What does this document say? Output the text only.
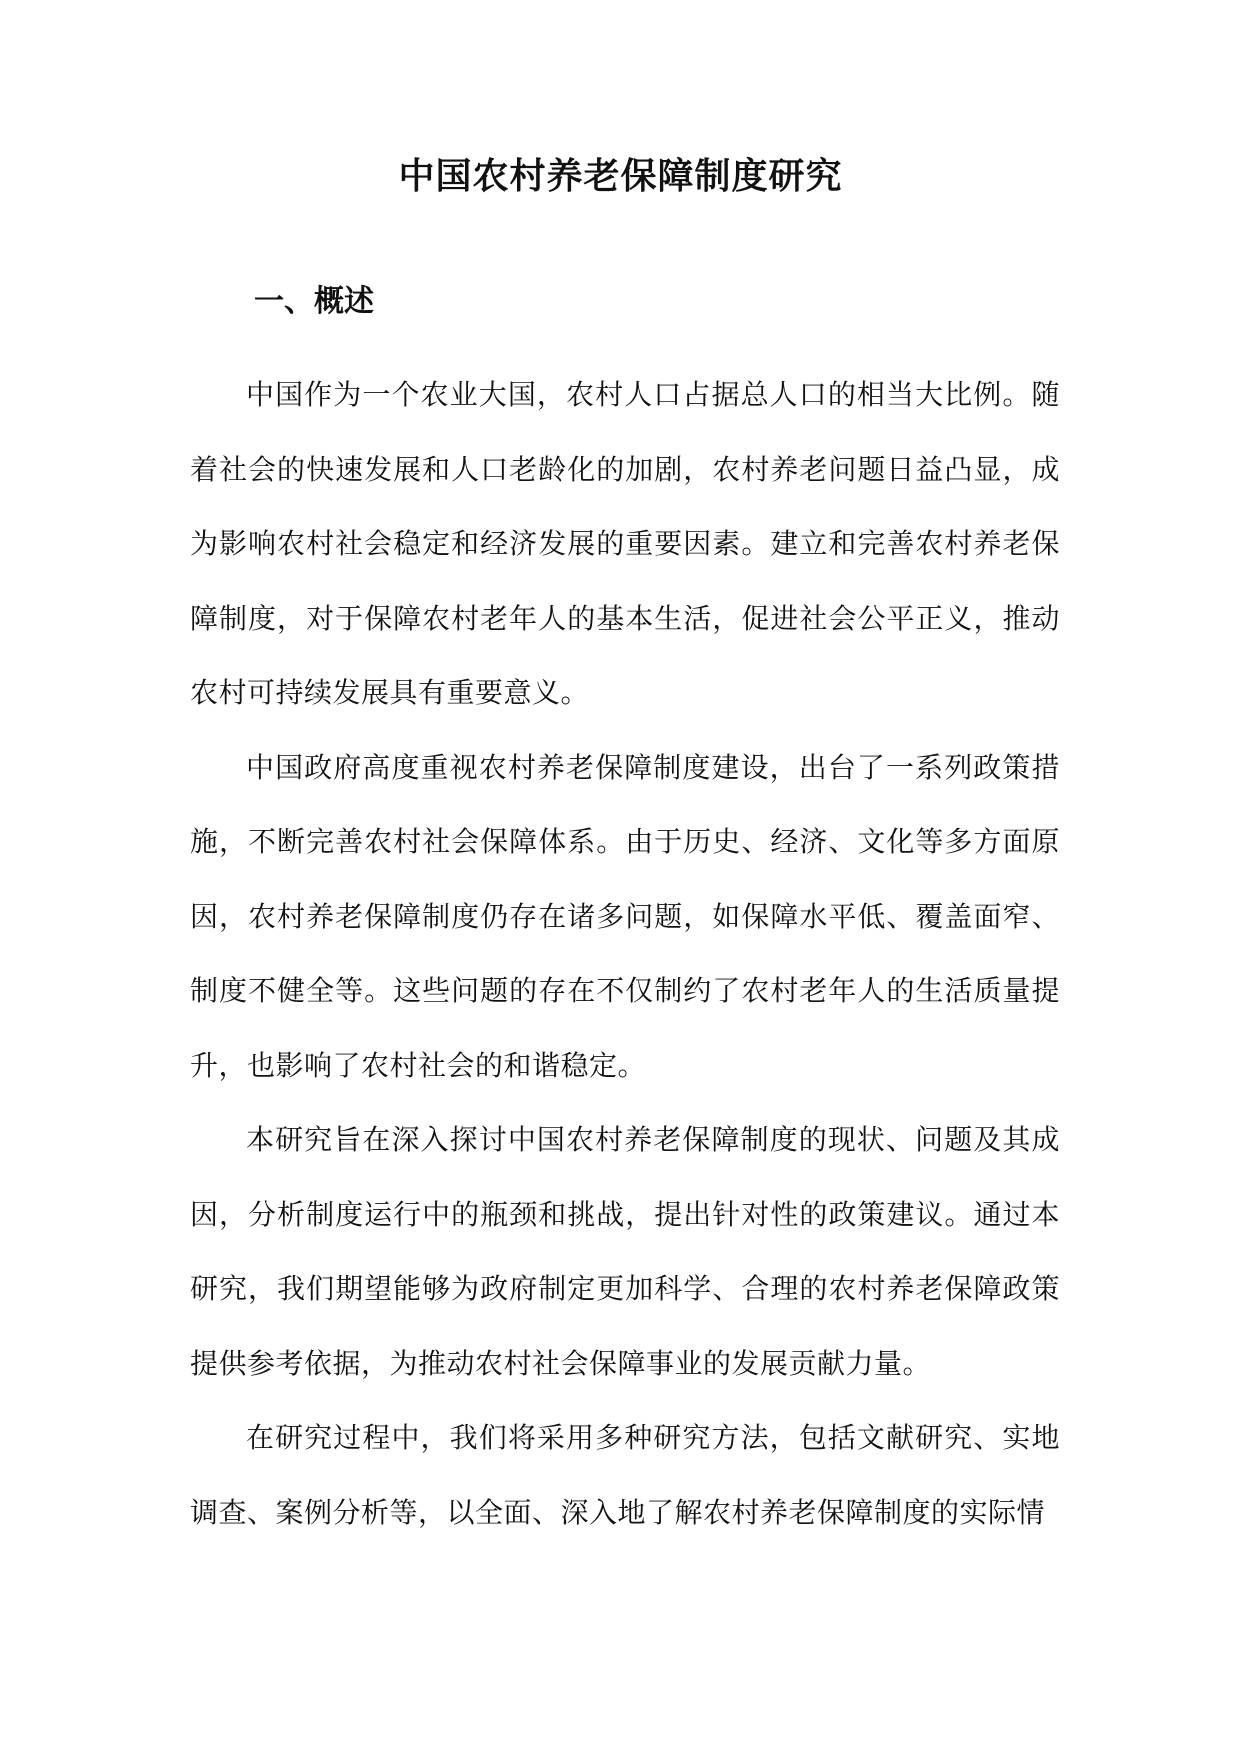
中国农村养老保障制度研究
一、概述

中国作为一个农业大国，农村人口占据总人口的相当大比例。随着社会的快速发展和人口老龄化的加剧，农村养老问题日益凸显，成为影响农村社会稳定和经济发展的重要因素。建立和完善农村养老保障制度，对于保障农村老年人的基本生活，促进社会公平正义，推动农村可持续发展具有重要意义。

中国政府高度重视农村养老保障制度建设，出台了一系列政策措施，不断完善农村社会保障体系。由于历史、经济、文化等多方面原因，农村养老保障制度仍存在诸多问题，如保障水平低、覆盖面窄、制度不健全等。这些问题的存在不仅制约了农村老年人的生活质量提升，也影响了农村社会的和谐稳定。

本研究旨在深入探讨中国农村养老保障制度的现状、问题及其成因，分析制度运行中的瓶颈和挑战，提出针对性的政策建议。通过本研究，我们期望能够为政府制定更加科学、合理的农村养老保障政策提供参考依据，为推动农村社会保障事业的发展贡献力量。

在研究过程中，我们将采用多种研究方法，包括文献研究、实地调查、案例分析等，以全面、深入地了解农村养老保障制度的实际情
